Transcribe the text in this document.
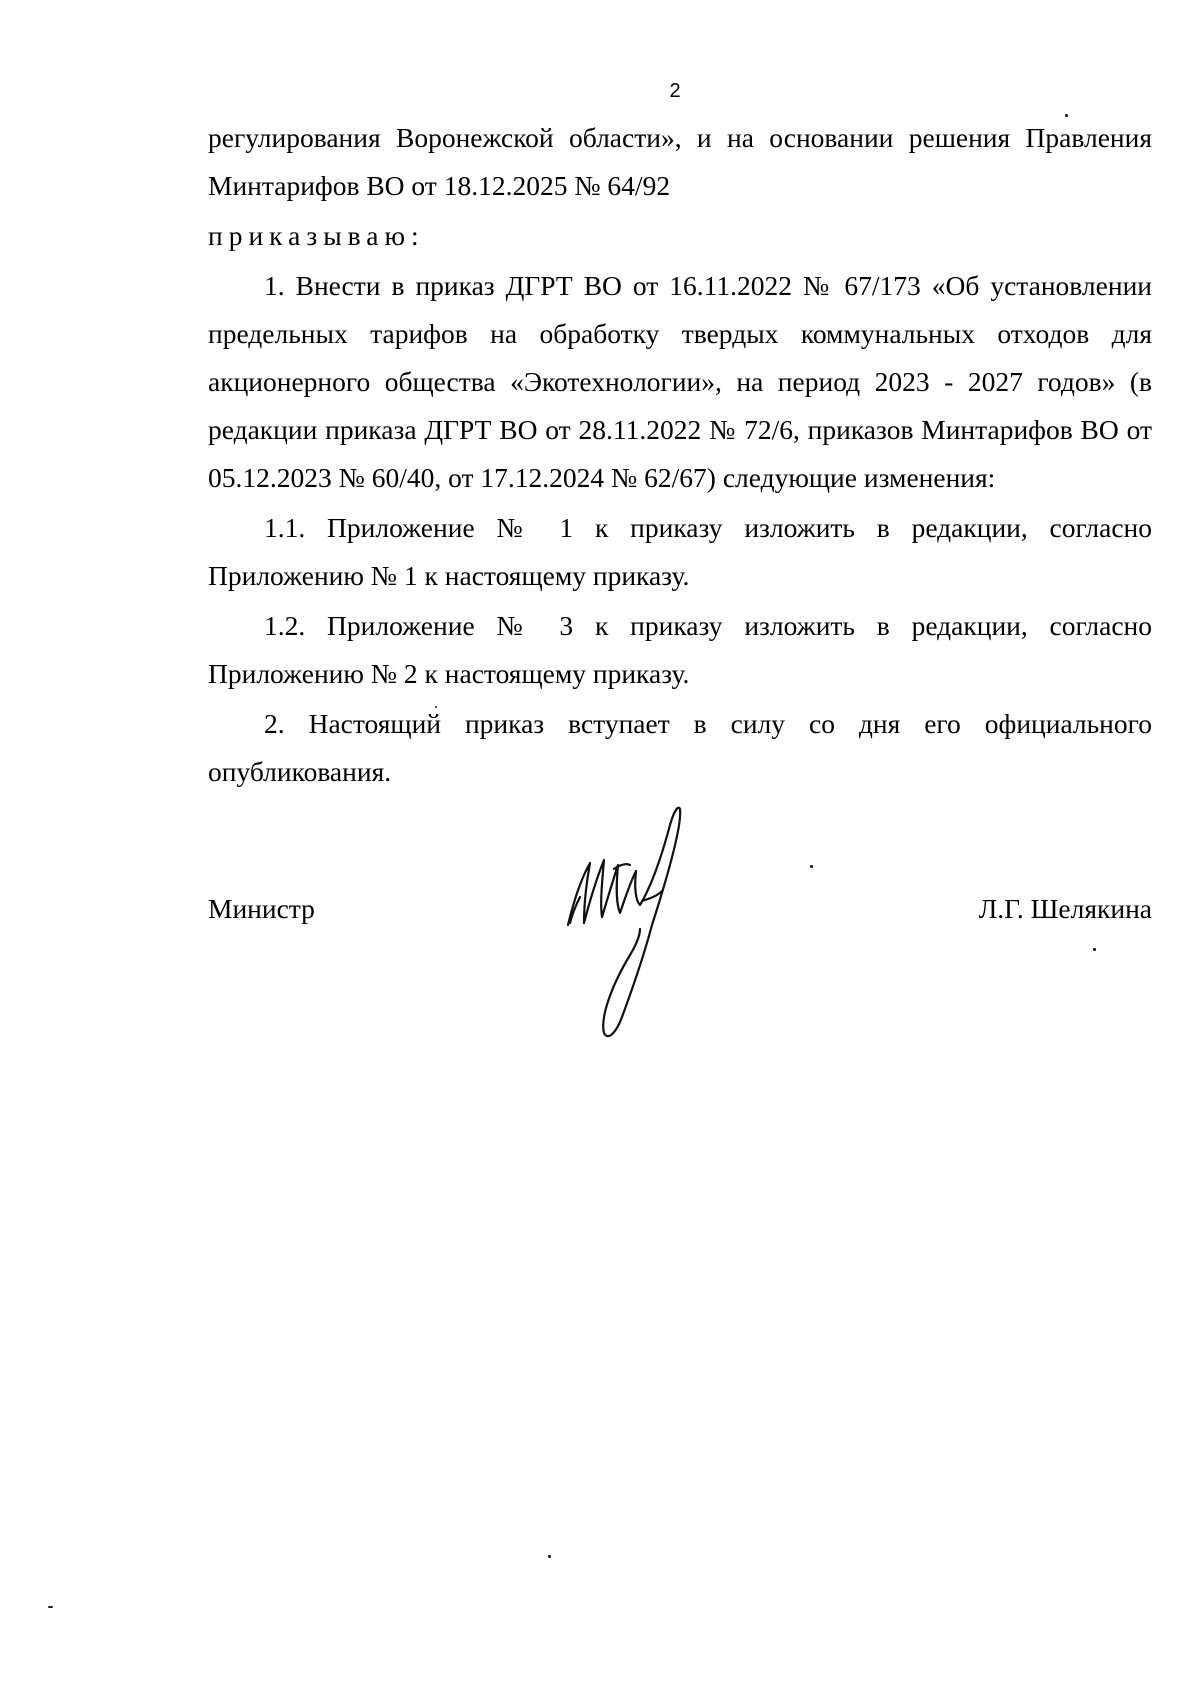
2

регулирования Воронежской области», и на основании решения Правления Минтарифов ВО от 18.12.2025 № 64/92

приказываю:

1. Внести в приказ ДГРТ ВО от 16.11.2022 № 67/173 «Об установлении предельных тарифов на обработку твердых коммунальных отходов для акционерного общества «Экотехнологии», на период 2023 - 2027 годов» (в редакции приказа ДГРТ ВО от 28.11.2022 № 72/6, приказов Минтарифов ВО от 05.12.2023 № 60/40, от 17.12.2024 № 62/67) следующие изменения:

1.1. Приложение № 1 к приказу изложить в редакции, согласно Приложению № 1 к настоящему приказу.

1.2. Приложение № 3 к приказу изложить в редакции, согласно Приложению № 2 к настоящему приказу.

2. Настоящий приказ вступает в силу со дня его официального опубликования.

Министр	Л.Г. Шелякина
